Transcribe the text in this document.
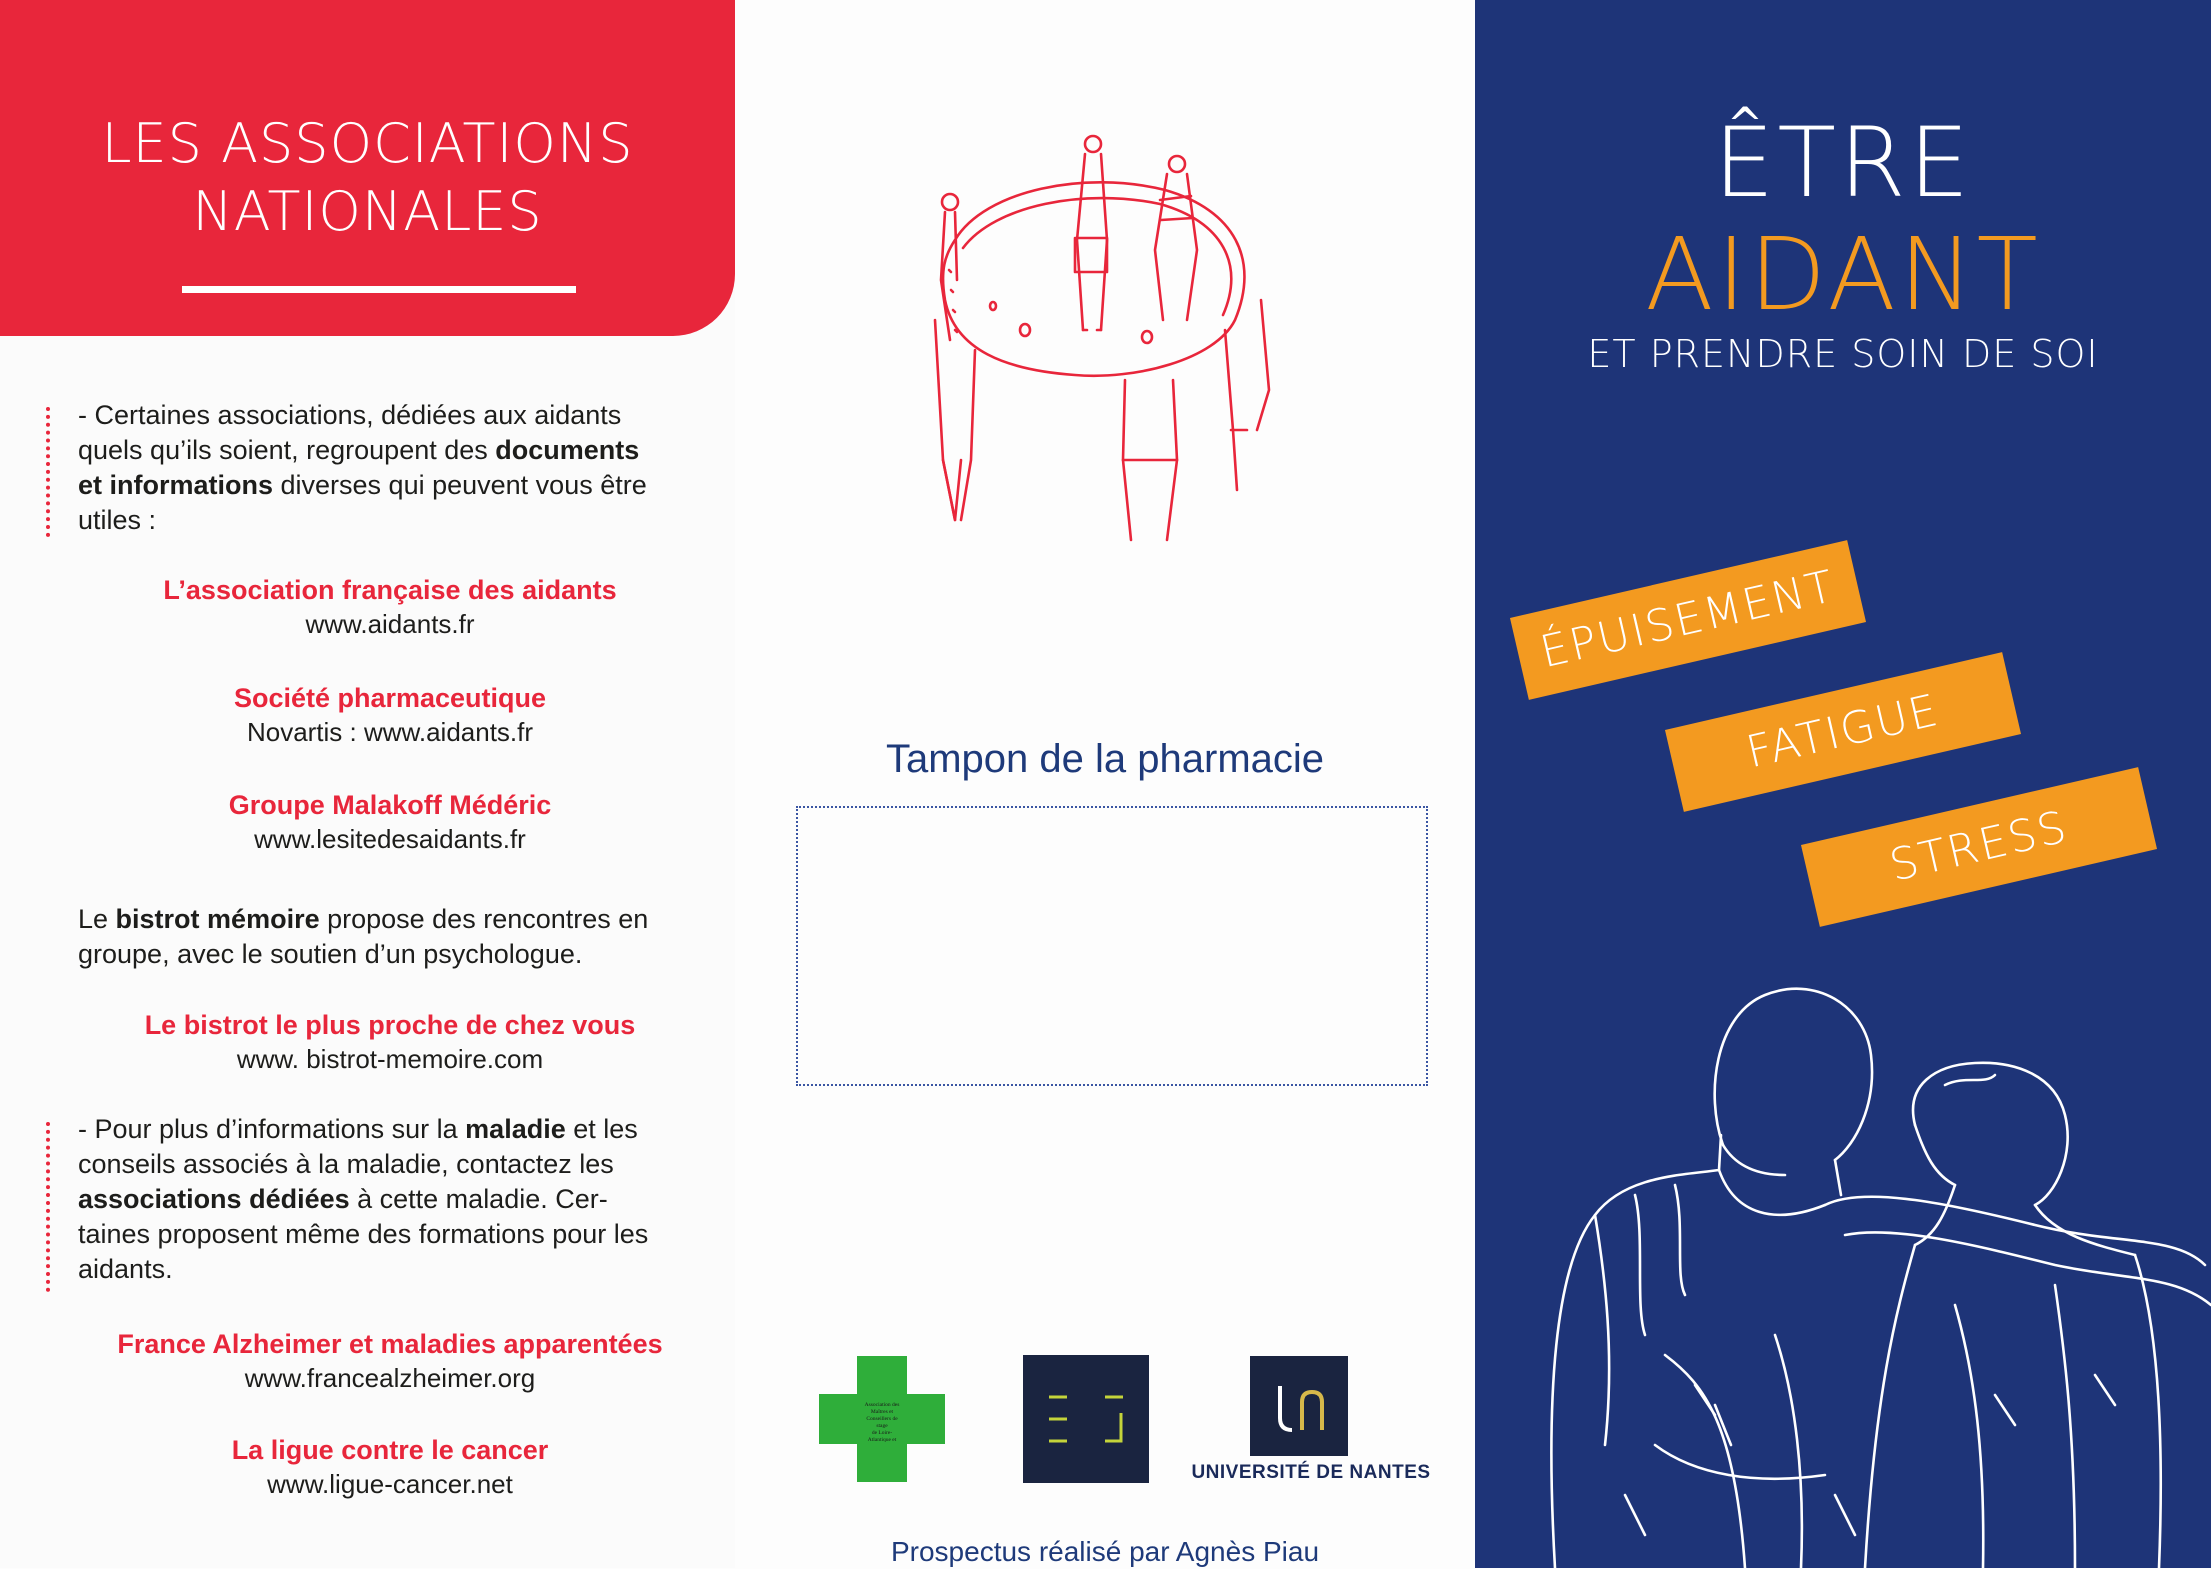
LES ASSOCIATIONS
NATIONALES
- Certaines associations, dédiées aux aidants
quels qu’ils soient, regroupent des documents
et informations diverses qui peuvent vous être
utiles :
L’association française des aidants
www.aidants.fr
Société pharmaceutique
Novartis : www.aidants.fr
Groupe Malakoff Médéric
www.lesitedesaidants.fr
Le bistrot mémoire propose des rencontres en
groupe, avec le soutien d’un psychologue.
Le bistrot le plus proche de chez vous
www. bistrot-memoire.com
- Pour plus d’informations sur la maladie et les
conseils associés à la maladie, contactez les
associations dédiées à cette maladie. Cer-
taines proposent même des formations pour les
aidants.
France Alzheimer et maladies apparentées
www.francealzheimer.org
La ligue contre le cancer
www.ligue-cancer.net
Tampon de la pharmacie
Association des
Maîtres et
Conseillers de
stage
de Loire-
Atlantique et
UNIVERSITÉ DE NANTES
Prospectus réalisé par Agnès Piau
ÊTRE
AIDANT
ET PRENDRE SOIN DE SOI
ÉPUISEMENT
FATIGUE
STRESS
